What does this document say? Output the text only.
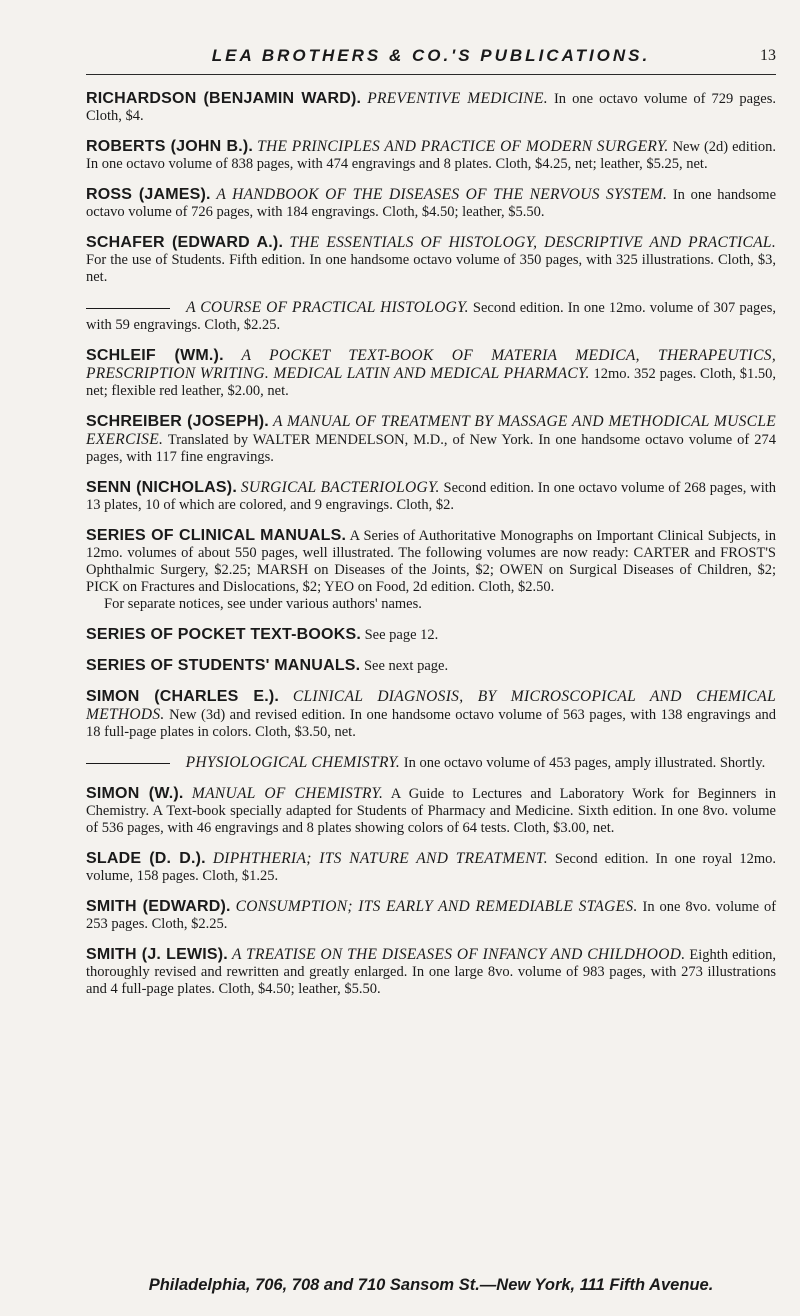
LEA BROTHERS & CO.'S PUBLICATIONS.	13

RICHARDSON (BENJAMIN WARD). PREVENTIVE MEDICINE. In one octavo volume of 729 pages. Cloth, $4.

ROBERTS (JOHN B.). THE PRINCIPLES AND PRACTICE OF MODERN SURGERY. New (2d) edition. In one octavo volume of 838 pages, with 474 engravings and 8 plates. Cloth, $4.25, net; leather, $5.25, net.

ROSS (JAMES). A HANDBOOK OF THE DISEASES OF THE NERVOUS SYSTEM. In one handsome octavo volume of 726 pages, with 184 engravings. Cloth, $4.50; leather, $5.50.

SCHAFER (EDWARD A.). THE ESSENTIALS OF HISTOLOGY, DESCRIPTIVE AND PRACTICAL. For the use of Students. Fifth edition. In one handsome octavo volume of 350 pages, with 325 illustrations. Cloth, $3, net.

A COURSE OF PRACTICAL HISTOLOGY. Second edition. In one 12mo. volume of 307 pages, with 59 engravings. Cloth, $2.25.

SCHLEIF (WM.). A POCKET TEXT-BOOK OF MATERIA MEDICA, THERAPEUTICS, PRESCRIPTION WRITING. MEDICAL LATIN AND MEDICAL PHARMACY. 12mo. 352 pages. Cloth, $1.50, net; flexible red leather, $2.00, net.

SCHREIBER (JOSEPH). A MANUAL OF TREATMENT BY MASSAGE AND METHODICAL MUSCLE EXERCISE. Translated by WALTER MENDELSON, M.D., of New York. In one handsome octavo volume of 274 pages, with 117 fine engravings.

SENN (NICHOLAS). SURGICAL BACTERIOLOGY. Second edition. In one octavo volume of 268 pages, with 13 plates, 10 of which are colored, and 9 engravings. Cloth, $2.

SERIES OF CLINICAL MANUALS. A Series of Authoritative Monographs on Important Clinical Subjects, in 12mo. volumes of about 550 pages, well illustrated. The following volumes are now ready: CARTER and FROST'S Ophthalmic Surgery, $2.25; MARSH on Diseases of the Joints, $2; OWEN on Surgical Diseases of Children, $2; PICK on Fractures and Dislocations, $2; YEO on Food, 2d edition. Cloth, $2.50.
For separate notices, see under various authors' names.

SERIES OF POCKET TEXT-BOOKS. See page 12.

SERIES OF STUDENTS' MANUALS. See next page.

SIMON (CHARLES E.). CLINICAL DIAGNOSIS, BY MICROSCOPICAL AND CHEMICAL METHODS. New (3d) and revised edition. In one handsome octavo volume of 563 pages, with 138 engravings and 18 full-page plates in colors. Cloth, $3.50, net.

PHYSIOLOGICAL CHEMISTRY. In one octavo volume of 453 pages, amply illustrated. Shortly.

SIMON (W.). MANUAL OF CHEMISTRY. A Guide to Lectures and Laboratory Work for Beginners in Chemistry. A Text-book specially adapted for Students of Pharmacy and Medicine. Sixth edition. In one 8vo. volume of 536 pages, with 46 engravings and 8 plates showing colors of 64 tests. Cloth, $3.00, net.

SLADE (D. D.). DIPHTHERIA; ITS NATURE AND TREATMENT. Second edition. In one royal 12mo. volume, 158 pages. Cloth, $1.25.

SMITH (EDWARD). CONSUMPTION; ITS EARLY AND REMEDIABLE STAGES. In one 8vo. volume of 253 pages. Cloth, $2.25.

SMITH (J. LEWIS). A TREATISE ON THE DISEASES OF INFANCY AND CHILDHOOD. Eighth edition, thoroughly revised and rewritten and greatly enlarged. In one large 8vo. volume of 983 pages, with 273 illustrations and 4 full-page plates. Cloth, $4.50; leather, $5.50.

Philadelphia, 706, 708 and 710 Sansom St.—New York, 111 Fifth Avenue.
